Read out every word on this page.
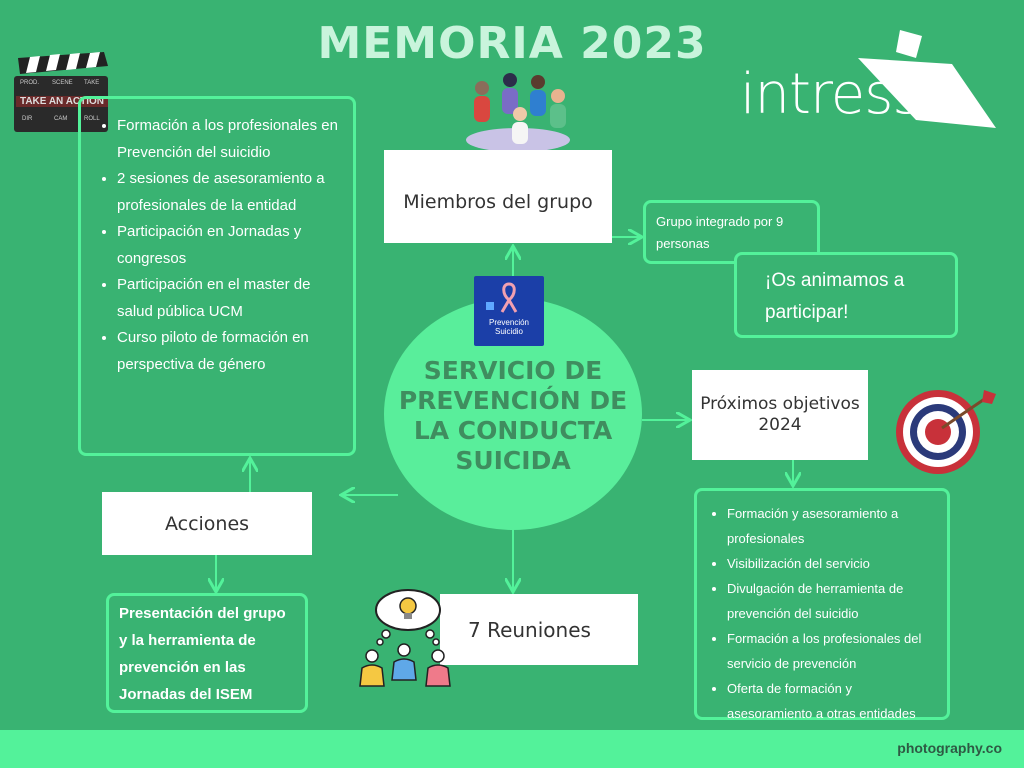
MEMORIA 2023
PROD. SCENE TAKE
TAKE AN ACTION
DIR	CAM	ROLL	intress
• Formación a los profesionales en Prevención del suicidio
• 2 sesiones de asesoramiento a profesionales de la entidad
• Participación en Jornadas y congresos
• Participación en el master de salud pública UCM
• Curso piloto de formación en perspectiva de género
Miembros del grupo
Grupo integrado por 9 personas
¡Os animamos a participar!
SERVICIO DE PREVENCIÓN DE LA CONDUCTA SUICIDA
Prevención
Suicidio
Próximos objetivos 2024
• Formación y asesoramiento a profesionales
• Visibilización del servicio
• Divulgación de herramienta de prevención del suicidio
• Formación a los profesionales del servicio de prevención
• Oferta de formación y asesoramiento a otras entidades
Acciones
Presentación del grupo y la herramienta de prevención en las Jornadas del ISEM
7 Reuniones
photography.co
